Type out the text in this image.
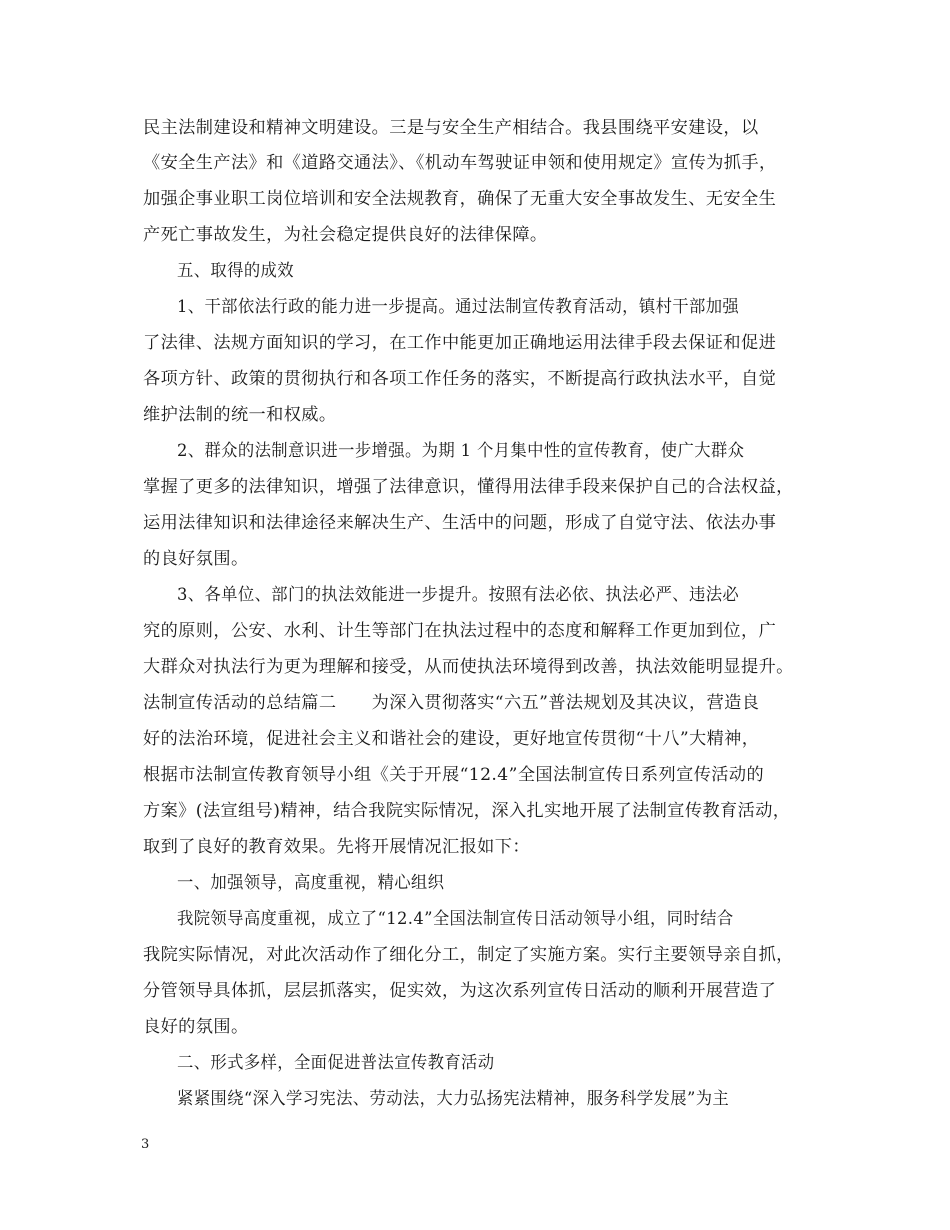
民主法制建设和精神文明建设。三是与安全生产相结合。我县围绕平安建设，以
《安全生产法》和《道路交通法》、《机动车驾驶证申领和使用规定》宣传为抓手，
加强企事业职工岗位培训和安全法规教育，确保了无重大安全事故发生、无安全生
产死亡事故发生，为社会稳定提供良好的法律保障。
五、取得的成效
1、干部依法行政的能力进一步提高。通过法制宣传教育活动，镇村干部加强
了法律、法规方面知识的学习，在工作中能更加正确地运用法律手段去保证和促进
各项方针、政策的贯彻执行和各项工作任务的落实，不断提高行政执法水平，自觉
维护法制的统一和权威。
2、群众的法制意识进一步增强。为期 1 个月集中性的宣传教育，使广大群众
掌握了更多的法律知识，增强了法律意识，懂得用法律手段来保护自己的合法权益，
运用法律知识和法律途径来解决生产、生活中的问题，形成了自觉守法、依法办事
的良好氛围。
3、各单位、部门的执法效能进一步提升。按照有法必依、执法必严、违法必
究的原则，公安、水利、计生等部门在执法过程中的态度和解释工作更加到位，广
大群众对执法行为更为理解和接受，从而使执法环境得到改善，执法效能明显提升。
法制宣传活动的总结篇二　　为深入贯彻落实“六五”普法规划及其决议，营造良
好的法治环境，促进社会主义和谐社会的建设，更好地宣传贯彻“十八”大精神，
根据市法制宣传教育领导小组《关于开展“12.4”全国法制宣传日系列宣传活动的
方案》(法宣组号)精神，结合我院实际情况，深入扎实地开展了法制宣传教育活动，
取到了良好的教育效果。先将开展情况汇报如下：
一、加强领导，高度重视，精心组织
我院领导高度重视，成立了“12.4”全国法制宣传日活动领导小组，同时结合
我院实际情况，对此次活动作了细化分工，制定了实施方案。实行主要领导亲自抓，
分管领导具体抓，层层抓落实，促实效，为这次系列宣传日活动的顺利开展营造了
良好的氛围。
二、形式多样，全面促进普法宣传教育活动
紧紧围绕“深入学习宪法、劳动法，大力弘扬宪法精神，服务科学发展”为主
3
